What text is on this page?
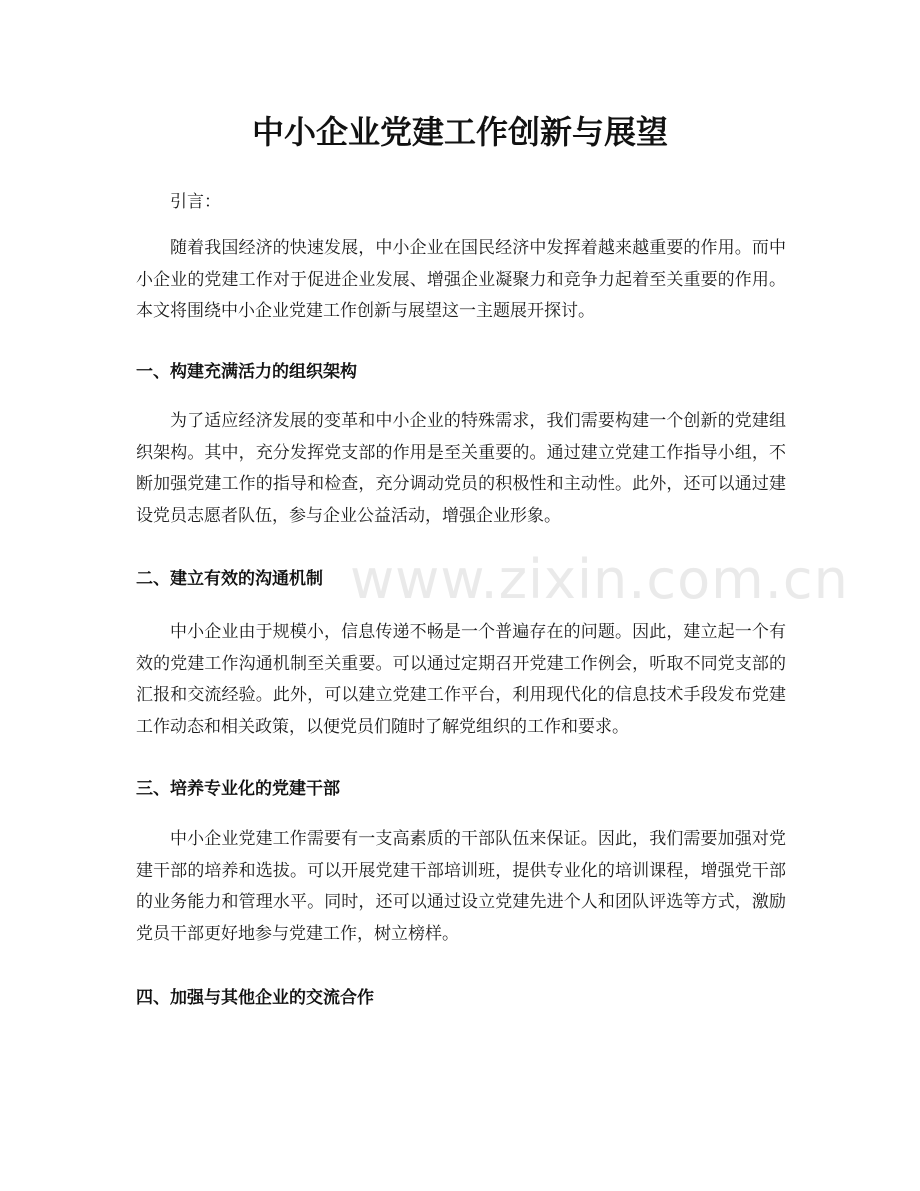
www.zixin.com.cn
中小企业党建工作创新与展望

引言：

随着我国经济的快速发展，中小企业在国民经济中发挥着越来越重要的作用。而中小企业的党建工作对于促进企业发展、增强企业凝聚力和竞争力起着至关重要的作用。本文将围绕中小企业党建工作创新与展望这一主题展开探讨。

一、构建充满活力的组织架构

为了适应经济发展的变革和中小企业的特殊需求，我们需要构建一个创新的党建组织架构。其中，充分发挥党支部的作用是至关重要的。通过建立党建工作指导小组，不断加强党建工作的指导和检查，充分调动党员的积极性和主动性。此外，还可以通过建设党员志愿者队伍，参与企业公益活动，增强企业形象。

二、建立有效的沟通机制

中小企业由于规模小，信息传递不畅是一个普遍存在的问题。因此，建立起一个有效的党建工作沟通机制至关重要。可以通过定期召开党建工作例会，听取不同党支部的汇报和交流经验。此外，可以建立党建工作平台，利用现代化的信息技术手段发布党建工作动态和相关政策，以便党员们随时了解党组织的工作和要求。

三、培养专业化的党建干部

中小企业党建工作需要有一支高素质的干部队伍来保证。因此，我们需要加强对党建干部的培养和选拔。可以开展党建干部培训班，提供专业化的培训课程，增强党干部的业务能力和管理水平。同时，还可以通过设立党建先进个人和团队评选等方式，激励党员干部更好地参与党建工作，树立榜样。

四、加强与其他企业的交流合作
